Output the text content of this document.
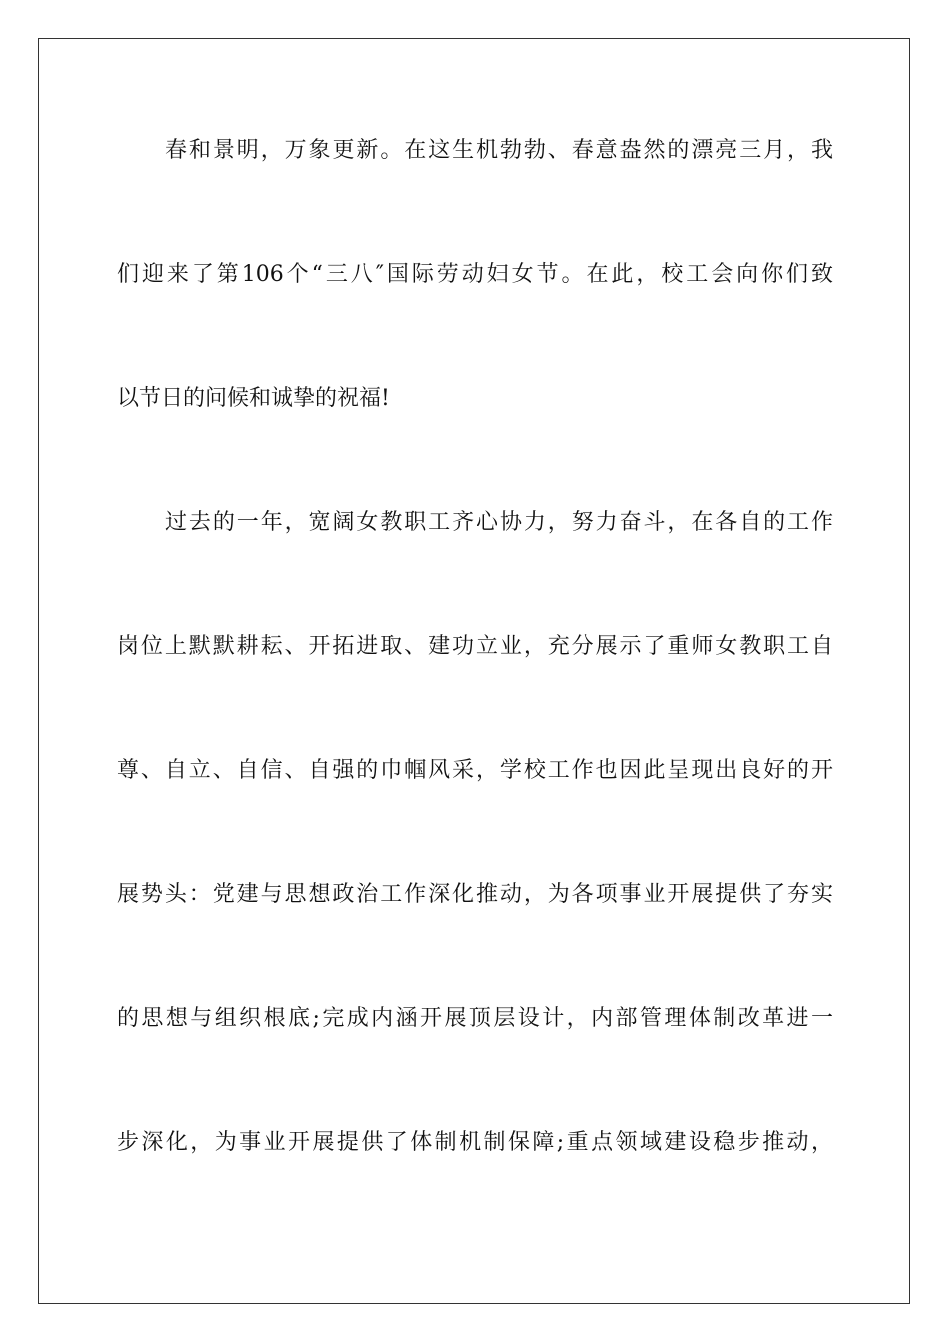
春和景明，万象更新。在这生机勃勃、春意盎然的漂亮三月，我
们迎来了第106个“三八″国际劳动妇女节。在此，校工会向你们致
以节日的问候和诚挚的祝福!
过去的一年，宽阔女教职工齐心协力，努力奋斗，在各自的工作
岗位上默默耕耘、开拓进取、建功立业，充分展示了重师女教职工自
尊、自立、自信、自强的巾帼风采，学校工作也因此呈现出良好的开
展势头：党建与思想政治工作深化推动，为各项事业开展提供了夯实
的思想与组织根底;完成内涵开展顶层设计，内部管理体制改革进一
步深化，为事业开展提供了体制机制保障;重点领域建设稳步推动，
